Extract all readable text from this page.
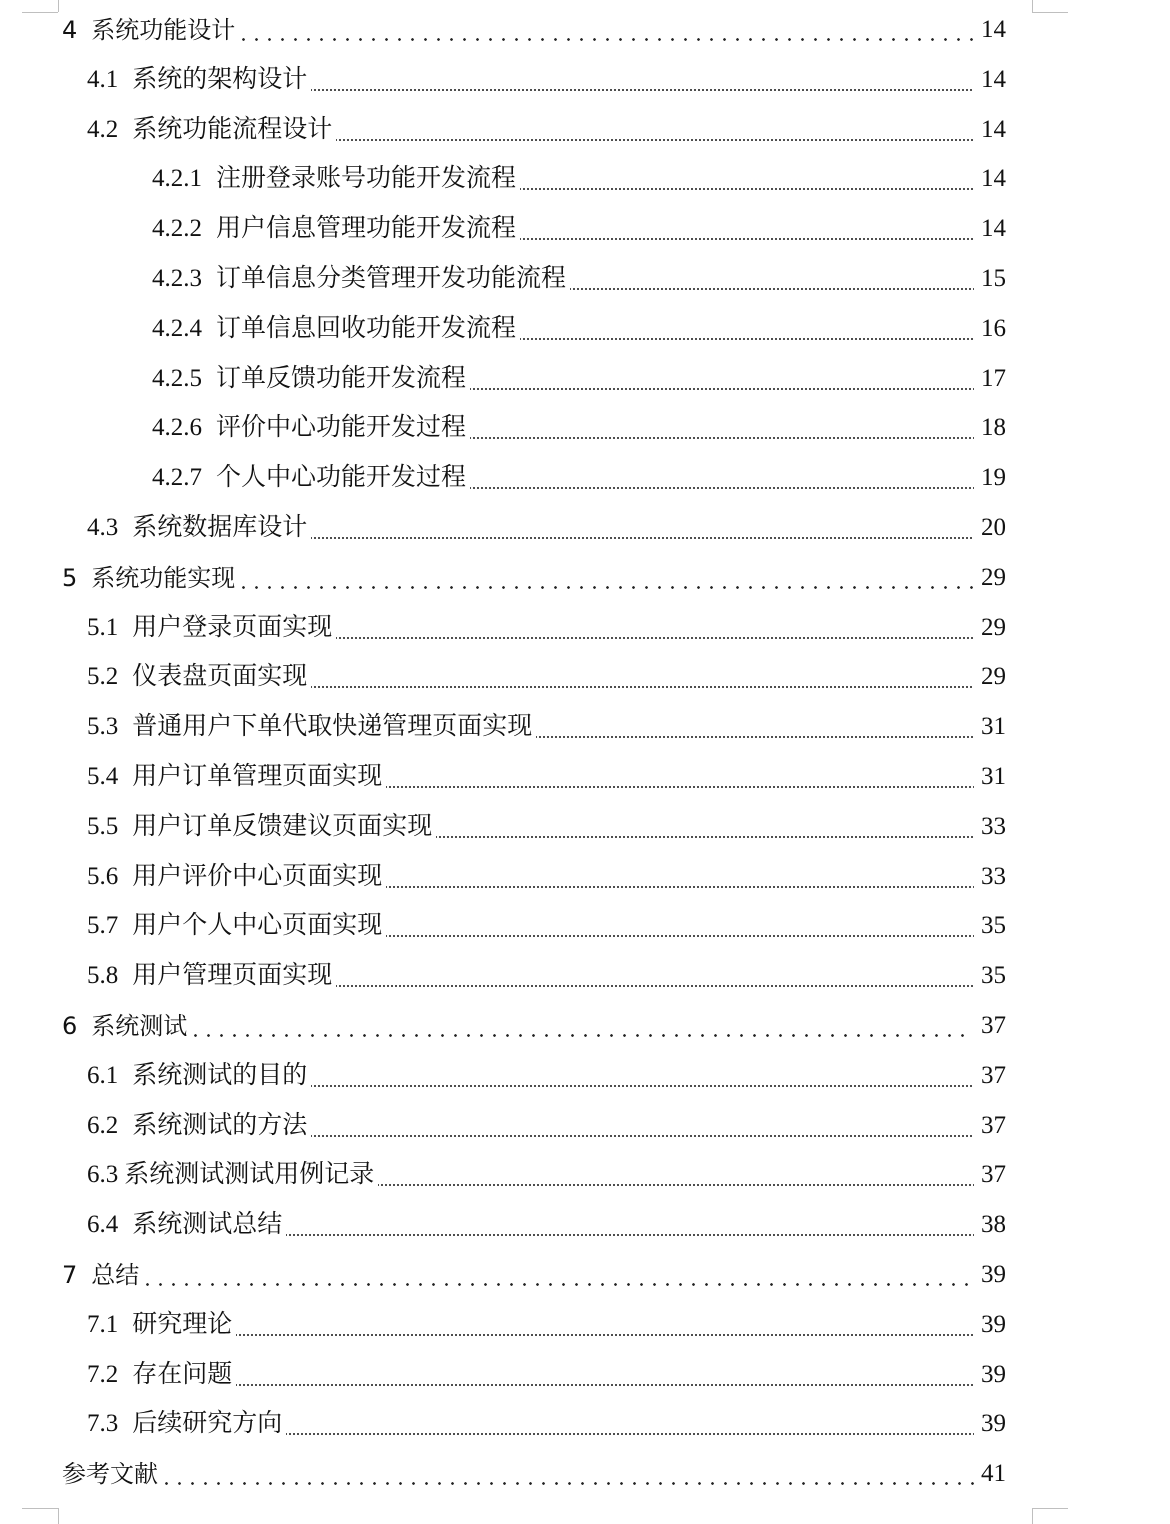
4 系统功能设计	14
4.1 系统的架构设计	14
4.2 系统功能流程设计	14
4.2.1 注册登录账号功能开发流程	14
4.2.2 用户信息管理功能开发流程	14
4.2.3 订单信息分类管理开发功能流程	15
4.2.4 订单信息回收功能开发流程	16
4.2.5 订单反馈功能开发流程	17
4.2.6 评价中心功能开发过程	18
4.2.7 个人中心功能开发过程	19
4.3 系统数据库设计	20
5 系统功能实现	29
5.1 用户登录页面实现	29
5.2 仪表盘页面实现	29
5.3 普通用户下单代取快递管理页面实现	31
5.4 用户订单管理页面实现	31
5.5 用户订单反馈建议页面实现	33
5.6 用户评价中心页面实现	33
5.7 用户个人中心页面实现	35
5.8 用户管理页面实现	35
6 系统测试	37
6.1 系统测试的目的	37
6.2 系统测试的方法	37
6.3 系统测试测试用例记录	37
6.4 系统测试总结	38
7 总结	39
7.1 研究理论	39
7.2 存在问题	39
7.3 后续研究方向	39
参考文献	41
